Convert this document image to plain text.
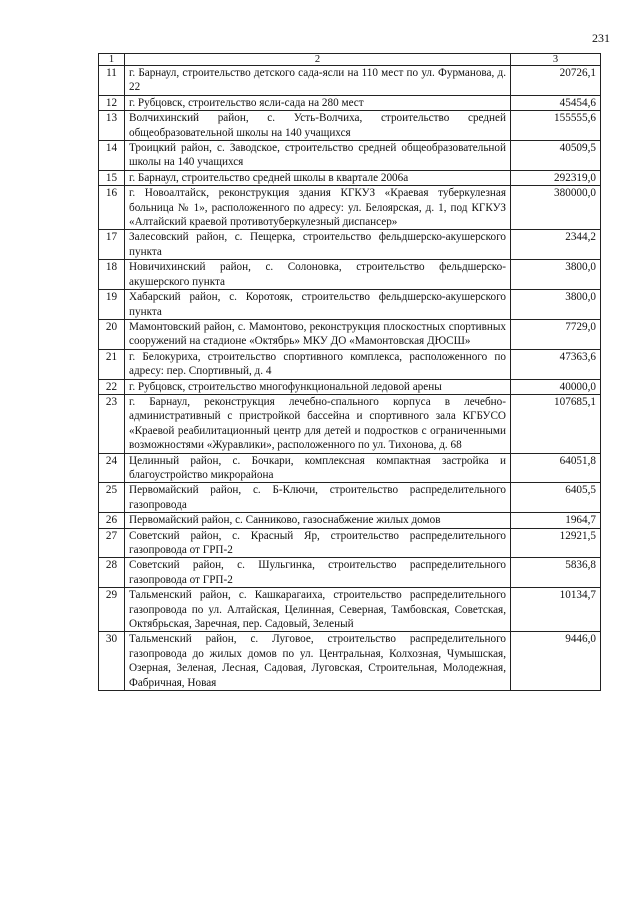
231
1	2	3
11	г. Барнаул, строительство детского сада-ясли на 110 мест по ул. Фурманова, д. 22	20726,1
12	г. Рубцовск, строительство ясли-сада на 280 мест	45454,6
13	Волчихинский район, с. Усть-Волчиха, строительство средней общеобразовательной школы на 140 учащихся	155555,6
14	Троицкий район, с. Заводское, строительство средней общеобразовательной школы на 140 учащихся	40509,5
15	г. Барнаул, строительство средней школы в квартале 2006а	292319,0
16	г. Новоалтайск, реконструкция здания КГКУЗ «Краевая туберкулезная больница № 1», расположенного по адресу: ул. Белоярская, д. 1, под КГКУЗ «Алтайский краевой противотуберкулезный диспансер»	380000,0
17	Залесовский район, с. Пещерка, строительство фельдшерско-акушерского пункта	2344,2
18	Новичихинский район, с. Солоновка, строительство фельдшерско-акушерского пункта	3800,0
19	Хабарский район, с. Коротояк, строительство фельдшерско-акушерского пункта	3800,0
20	Мамонтовский район, с. Мамонтово, реконструкция плоскостных спортивных сооружений на стадионе «Октябрь» МКУ ДО «Мамонтовская ДЮСШ»	7729,0
21	г. Белокуриха, строительство спортивного комплекса, расположенного по адресу: пер. Спортивный, д. 4	47363,6
22	г. Рубцовск, строительство многофункциональной ледовой арены	40000,0
23	г. Барнаул, реконструкция лечебно-спального корпуса в лечебно-административный с пристройкой бассейна и спортивного зала КГБУСО «Краевой реабилитационный центр для детей и подростков с ограниченными возможностями «Журавлики», расположенного по ул. Тихонова, д. 68	107685,1
24	Целинный район, с. Бочкари, комплексная компактная застройка и благоустройство микрорайона	64051,8
25	Первомайский район, с. Б-Ключи, строительство распределительного газопровода	6405,5
26	Первомайский район, с. Санниково, газоснабжение жилых домов	1964,7
27	Советский район, с. Красный Яр, строительство распределительного газопровода от ГРП-2	12921,5
28	Советский район, с. Шульгинка, строительство распределительного газопровода от ГРП-2	5836,8
29	Тальменский район, с. Кашкарагаиха, строительство распределительного газопровода по ул. Алтайская, Целинная, Северная, Тамбовская, Советская, Октябрьская, Заречная, пер. Садовый, Зеленый	10134,7
30	Тальменский район, с. Луговое, строительство распределительного газопровода до жилых домов по ул. Центральная, Колхозная, Чумышская, Озерная, Зеленая, Лесная, Садовая, Луговская, Строительная, Молодежная, Фабричная, Новая	9446,0
